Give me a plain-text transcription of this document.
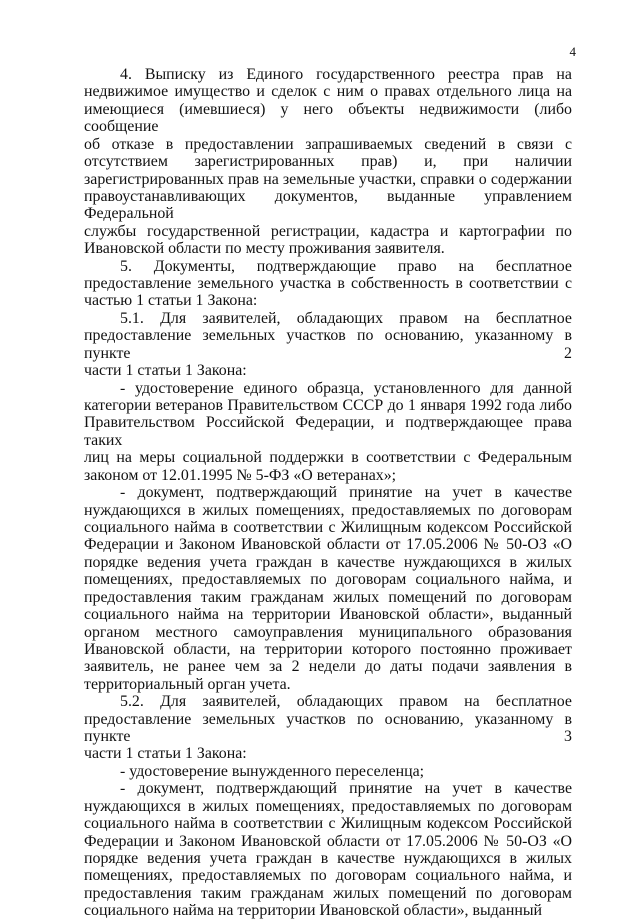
4

4. Выписку из Единого государственного реестра прав на
недвижимое имущество и сделок с ним о правах отдельного лица на
имеющиеся (имевшиеся) у него объекты недвижимости (либо сообщение
об отказе в предоставлении запрашиваемых сведений в связи с
отсутствием зарегистрированных прав) и, при наличии
зарегистрированных прав на земельные участки, справки о содержании
правоустанавливающих документов, выданные управлением Федеральной
службы государственной регистрации, кадастра и картографии по
Ивановской области по месту проживания заявителя.

5. Документы, подтверждающие право на бесплатное
предоставление земельного участка в собственность в соответствии с
частью 1 статьи 1 Закона:

5.1. Для заявителей, обладающих правом на бесплатное
предоставление земельных участков по основанию, указанному в пункте 2
части 1 статьи 1 Закона:

- удостоверение единого образца, установленного для данной
категории ветеранов Правительством СССР до 1 января 1992 года либо
Правительством Российской Федерации, и подтверждающее права таких
лиц на меры социальной поддержки в соответствии с Федеральным
законом от 12.01.1995 № 5-ФЗ «О ветеранах»;

- документ, подтверждающий принятие на учет в качестве
нуждающихся в жилых помещениях, предоставляемых по договорам
социального найма в соответствии с Жилищным кодексом Российской
Федерации и Законом Ивановской области от 17.05.2006 № 50-ОЗ «О
порядке ведения учета граждан в качестве нуждающихся в жилых
помещениях, предоставляемых по договорам социального найма, и
предоставления таким гражданам жилых помещений по договорам
социального найма на территории Ивановской области», выданный
органом местного самоуправления муниципального образования
Ивановской области, на территории которого постоянно проживает
заявитель, не ранее чем за 2 недели до даты подачи заявления в
территориальный орган учета.

5.2. Для заявителей, обладающих правом на бесплатное
предоставление земельных участков по основанию, указанному в пункте 3
части 1 статьи 1 Закона:

- удостоверение вынужденного переселенца;

- документ, подтверждающий принятие на учет в качестве
нуждающихся в жилых помещениях, предоставляемых по договорам
социального найма в соответствии с Жилищным кодексом Российской
Федерации и Законом Ивановской области от 17.05.2006 № 50-ОЗ «О
порядке ведения учета граждан в качестве нуждающихся в жилых
помещениях, предоставляемых по договорам социального найма, и
предоставления таким гражданам жилых помещений по договорам
социального найма на территории Ивановской области», выданный
